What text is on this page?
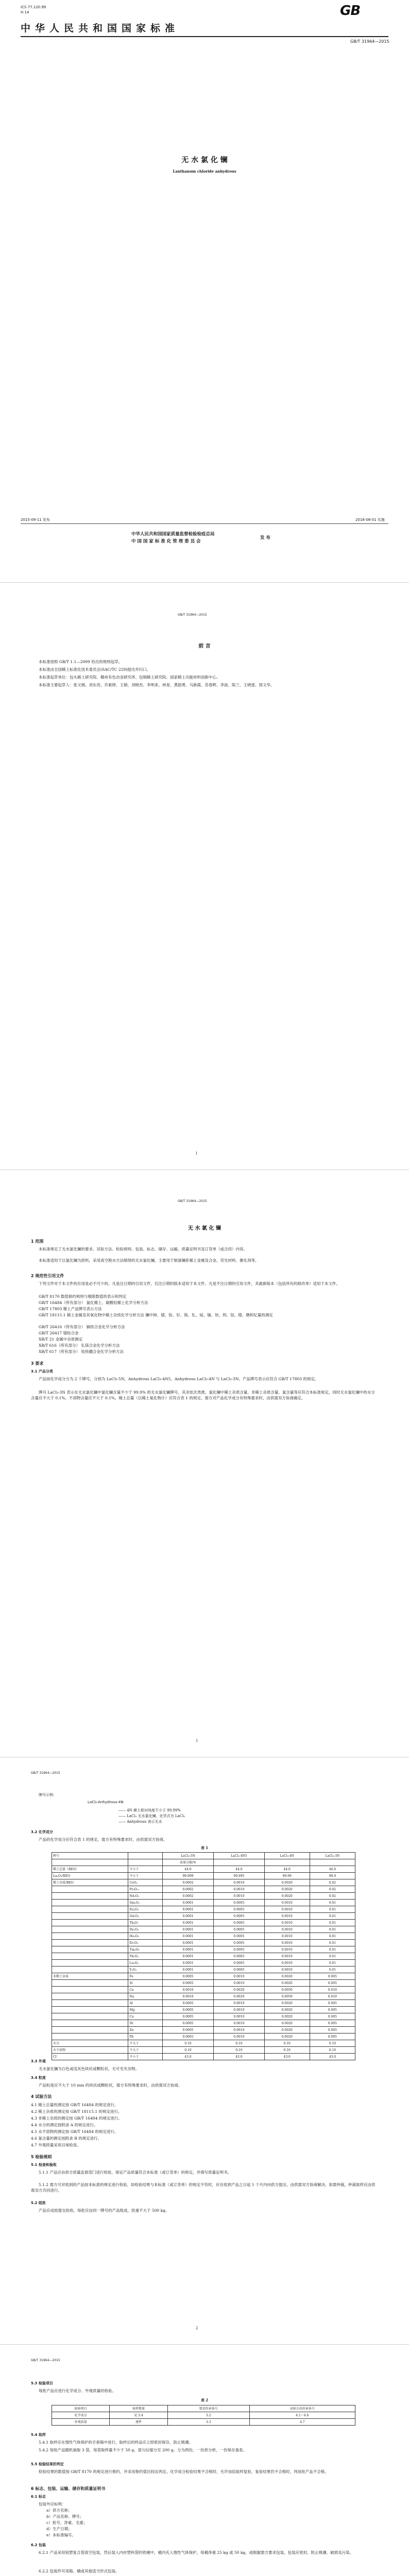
ICS 77.120.99
H 14	GB
中华人民共和国国家标准
GB/T 31964—2015
无 水 氯 化 镧
Lanthanum chloride anhydrous
2015-09-11 发布	2016-08-01 实施
中华人民共和国国家质量监督检验检疫总局
中 国 国 家 标 准 化 管 理 委 员 会
发 布
GB/T 31964—2015
前 言
本标准按照 GB/T 1.1—2009 给出的规则起草。
本标准由全国稀土标准化技术委员会(SAC/TC 229)提出并归口。
本标准起草单位：包头稀土研究院、赣州有色冶金研究所、包钢稀土研究院、国家稀土功能材料创新中心。
本标准主要起草人：张文娟、刘东亮、许素婷、王娟、刘晓杰、李明来、林星、黄韶勇、马新霞、苏春晖、李波、陈兰、王晓雷、郭文华。
I
GB/T 31964—2015
无 水 氯 化 镧
1 范围
本标准规定了无水氯化镧的要求、试验方法、检验规则、包装、标志、储存、运输、质量证明书及订货单（或合同）内容。
本标准适用于以氯化镧为原料，采用真空脱水方法制得的无水氯化镧，主要用于制备镧系稀土金属及合金、荧光材料、催化剂等。
2 规范性引用文件
下列文件对于本文件的应用是必不可少的。凡是注日期的引用文件，仅注日期的版本适用于本文件。凡是不注日期的引用文件，其最新版本（包括所有的修改单）适用于本文件。
GB/T 8170 数值修约规则与极限数值的表示和判定
GB/T 16484（所有部分） 氯化稀土、碳酸轻稀土化学分析方法
GB/T 17803 稀土产品牌号表示方法
GB/T 18115.1 稀土金属及其氧化物中稀土杂质化学分析方法 镧中铈、镨、钕、钐、铕、钆、铽、镝、钬、铒、铥、镱、镥和钇量的测定
GB/T 26416（所有部分） 镝铁合金化学分析方法
GB/T 26417 镨钕合金
XB/T 21 金属中杂质测定
XB/T 616（所有部分） 钆镁合金化学分析方法
XB/T 617（所有部分） 钕铁硼合金化学分析方法
3 要求
3.1 产品分类
产品按化学成分分为 2 个牌号，分别为 LaCl₃-5N，Anhydrous LaCl₃-4N5，Anhydrous LaCl₃-4N 与 LaCl₃-3N。产品牌号表示应符合 GB/T 17803 的规定。
牌号 LaCl₃-3N 表示在无水氯化镧中氯化镧含量不少于 99.9% 的无水氯化镧牌号，其余依次类推。氯化镧中稀土杂质含量、非稀土杂质含量、氯含量等应符合本标准规定，同时无水氯化镧中的水分含量应不大于 0.1%，不溶物含量应不大于 0.1%，稀土总量（以稀土氧化物计）应符合表 1 的规定。需方对产品化学成分有特殊要求时，由供需双方协商确定。
1
GB/T 31964—2015
牌号示例：
LaCl₃·Anhydrous-4N
—— 4N 稀土相对纯度不少于 99.99%
—— LaCl₃ 无水氯化镧，化学式为 LaCl₃
—— Anhydrous 表示无水
3.2 化学成分
产品的化学成分应符合表 1 的规定。需方有特殊要求时，由供需双方协商。
表 1
牌号		LaCl₃-5N	LaCl₃-4N5	LaCl₃-4N	LaCl₃-3N
		质量分数/%			
稀土总量（REO）	不小于	44.0	44.0	44.0	44.0
La₂O₃/REO	不小于	99.999	99.995	99.99	99.9
稀土杂质/REO	CeO₂	0.0002	0.0010	0.0020	0.02
	Pr₆O₁₁	0.0002	0.0010	0.0020	0.02
	Nd₂O₃	0.0002	0.0010	0.0020	0.02
	Sm₂O₃	0.0001	0.0005	0.0010	0.01
	Eu₂O₃	0.0001	0.0005	0.0010	0.01
	Gd₂O₃	0.0001	0.0005	0.0010	0.01
	Tb₄O₇	0.0001	0.0005	0.0010	0.01
	Dy₂O₃	0.0001	0.0005	0.0010	0.01
	Ho₂O₃	0.0001	0.0005	0.0010	0.01
	Er₂O₃	0.0001	0.0005	0.0010	0.01
	Tm₂O₃	0.0001	0.0005	0.0010	0.01
	Yb₂O₃	0.0001	0.0005	0.0010	0.01
	Lu₂O₃	0.0001	0.0005	0.0010	0.01
	Y₂O₃	0.0001	0.0005	0.0010	0.01
非稀土杂质	Fe	0.0005	0.0010	0.0020	0.005
	Si	0.0005	0.0010	0.0020	0.005
	Ca	0.0010	0.0020	0.0050	0.010
	Na	0.0010	0.0020	0.0050	0.010
	Al	0.0005	0.0010	0.0020	0.005
	Mg	0.0005	0.0010	0.0020	0.005
	Cu	0.0005	0.0010	0.0020	0.005
	Ni	0.0005	0.0010	0.0020	0.005
	Zn	0.0005	0.0010	0.0020	0.005
	Pb	0.0005	0.0010	0.0020	0.005
水分	不大于	0.10	0.10	0.10	0.10
水不溶物	不大于	0.10	0.10	0.10	0.10
Cl⁻	不小于	43.0	43.0	43.0	43.0
3.3 外观
无水氯化镧为白色或浅灰色块状或颗粒状，无可见夹杂物。
3.4 粒度
产品粒度应不大于 10 mm 的块状或颗粒状，需方有特殊要求时，由供需双方协商。
4 试验方法
4.1 稀土总量的测定按 GB/T 16484 的规定进行。
4.2 稀土杂质的测定按 GB/T 18115.1 的规定进行。
4.3 非稀土杂质的测定按 GB/T 16484 的规定进行。
4.4 水分的测定按附录 A 的规定进行。
4.5 水不溶物的测定按 GB/T 16484 的规定进行。
4.6 氯含量的测定按附录 B 的规定进行。
4.7 外观质量采用目视检查。
5 检验规则
5.1 检查和验收
5.1.1 产品应由供方质量监督部门进行检验，保证产品质量符合本标准（或订货单）的规定，并填写质量证明书。
5.1.2 需方可对收到的产品按本标准的规定进行检验，如检验结果与本标准（或订货单）的规定不符时，应在收到产品之日起 1 个月内向供方提出，由供需双方协商解决。如需仲裁，仲裁取样应由供需双方共同进行。
5.2 组批
产品应成批提交验收，每批应由同一牌号的产品组成，批重不大于 500 kg。
2
GB/T 31964—2015
5.3 检验项目
每批产品应进行化学成分、外观质量的检验。
表 2
检验项目	取样数量	要求的章条号	试验方法的章条号
化学成分	见 5.4	3.2	4.1～4.6
外观质量	逐件	3.3	4.7
5.4 取样
5.4.1 取样应在惰性气体保护的手套箱中进行，取样后的样品应立即密封保存，防止吸潮。
5.4.2 每批产品随机抽取 3 袋，每袋取样量不少于 50 g，混匀后缩分至 200 g，分为两份，一份供分析，一份保存备查。
5.5 检验结果的判定
检验结果的数值按 GB/T 8170 的规定进行修约，并采用修约值比较法判定。化学成分检验结果不合格时，允许加倍取样复验，复验结果仍不合格时，判该批产品不合格。
6 标志、包装、运输、储存和质量证明书
6.1 标志
包装外应标明：
a）供方名称；
b）产品名称、牌号；
c）批号、净重、毛重；
d）生产日期；
e）本标准编号。
6.2 包装
6.2.1 产品采用铝塑复合袋真空包装，然后装入内衬塑料袋的铁桶中，桶内充入惰性气体保护，每桶净重 25 kg 或 50 kg，或根据需方要求包装。包装应密封，防止吸潮、破损及污染。
6.2.2 包装件可用箱、桶或其他适当形式包装。
